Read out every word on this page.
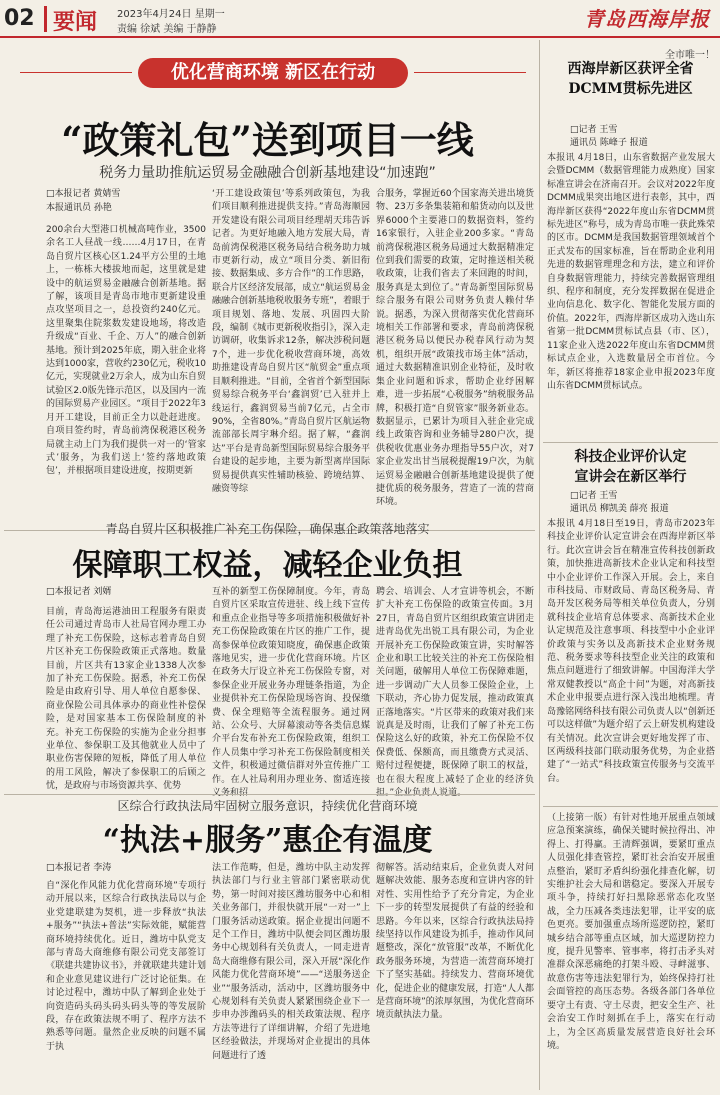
02 要闻 2023年4月24日 星期一
责编 徐斌 美编 于静静	青岛西海岸报
优化营商环境 新区在行动
“政策礼包”送到项目一线
税务力量助推航运贸易金融融合创新基地建设“加速跑”
□本报记者 黄婧雪
本报通讯员 孙艳
200余台大型港口机械高吨作业，3500余名工人昼战一线……4月17日，在青岛自贸片区核心区1.24平方公里的土地上，一栋栋大楼拔地而起，这里就是建设中的航运贸易金融融合创新基地。据了解，该项目是青岛市地市更新建设重点攻坚项目之一，总投资约240亿元。这里聚集住院浆数发建设地场，将改造升级成“百业、千企、万人”的融合创新基地。预计到2025年底，期入驻企业将达到1000家，营收约230亿元，税收10亿元，实现就业2万余人，成为山东自贸试验区2.0版先锋示范区，以及国内一流的国际贸易产业园区。“项目于2022年3月开工建设，目前正全力以赴赶进度。自项目签约时，青岛前湾保税港区税务局就主动上门为我们提供一对一的‘管家式’服务，为我们送上‘签约落地政策包’，并根据项目建设进度，按期更新
‘开工建设政策包’等系列政策包，为我们项目顺利推进提供支持。”青岛海顺园开发建设有限公司项目经理胡天玮告诉记者。为更好地融入地方发展大局，青岛前湾保税港区税务局结合税务助力城市更新行动，成立“项目分类、新旧衔接、数据集成、多方合作”的工作思路，联合片区经济发展部，成立“航运贸易金融融合创新基地税收服务专班”，着眼于项目规划、落地、发展、巩固四大阶段，编制《城市更新税收指引》，深入走访调研，收集诉求12条，解决涉税问题7个，进一步优化税收营商环境，高效助推建设青岛自贸片区“航贸金”重点项目顺利推进。“目前，全省首个新型国际贸易综合税务平台‘鑫润贸’已入驻并上线运行，鑫润贸易当前7亿元，占全市90%，全省80%。”青岛自贸片区航运物流部部长周宇琳介绍。据了解，“鑫润达”平台是青岛新型国际贸易综合服务平台建设的起步地，主要为新型离岸国际贸易提供真实性辅助核验、跨境结算、融资等综
合服务，掌握近60个国家海关进出境货物、23万多条集装箱和船货动向以及世界6000个主要港口的数据资料，签约16家银行，入驻企业200多家。“青岛前湾保税港区税务局通过大数据精准定位到我们需要的政策，定时推送相关税收政策，让我们省去了来回跑的时间，服务真是太到位了。”青岛新型国际贸易综合服务有限公司财务负责人赖付华说。据悉，为深入贯彻落实优化营商环境相关工作部署和要求，青岛前湾保税港区税务局以便民办税春风行动为契机，组织开展“政策找市场主体”活动，通过大数据精准识别企业特征，及时收集企业问题和诉求，帮助企业纾困解难，进一步拓展“心税服务”纳税服务品牌，积极打造“自贸管家”服务新业态。数据显示，已累计为项目入驻企业完成线上政策咨询和业务辅导280户次，提供税收优惠业务办理指导55户次，对7家企业发出甘当展税提醒19户次，为航运贸易金融融合创新基地建设提供了便捷优质的税务服务，营造了一流的营商环境。
青岛自贸片区积极推广补充工伤保险，确保惠企政策落地落实
保障职工权益，减轻企业负担
□本报记者 刘婿
目前，青岛海运港油田工程服务有限责任公司通过青岛市人社局官网办理工办理了补充工伤保险，这标志着青岛自贸片区补充工伤保险政策正式落地。数量目前，片区共有13家企业1338人次参加了补充工伤保险。据悉，补充工伤保险是由政府引导、用人单位自愿参保、商业保险公司具体承办的商业性补偿保险，是对国家基本工伤保险制度的补充。补充工伤保险的实施为企业分担事业单位、参保职工及其他就业人员中了职业伤害保障的短板，降低了用人单位的用工风险，解决了参保职工的后顾之忧，是政府与市场资源共享、优势
互补的新型工伤保障制度。今年，青岛自贸片区采取宣传进驻、线上线下宣传和重点企业指导等多项措施积极做好补充工伤保险政策在片区的推广工作，提高参保单位政策知晓度，确保惠企政策落地见实，进一步优化营商环境。片区在政务大厅设立补充工伤保险专窗，对参保企业开展业务办理链条指道，为企业提供补充工伤保险现场咨询、投保缴费、保全理赔等全流程服务。通过网站、公众号、大屏幕滚动等各类信息媒介平台发布补充工伤保险政策，组织工作人员集中学习补充工伤保险制度相关文件，积极通过微信群对外宣传推广工作。在人社局利用办理业务、窗适连接
聘会、培训会、人才宣讲等机会，不断扩大补充工伤保险的政策宣传面。3月27日，青岛自贸片区组织政策宣讲团走进青岛优先出锐工具有限公司，为企业开展补充工伤保险政策宣讲，实时解答企业和职工比较关注的补充工伤保险相关问题，破解用人单位工伤保障难题，进一步调动广大人员参工保险企业，上下联动，齐心协力促发展，推动政策真正落地落实。“片区带来的政策对我们来说真是及时雨，让我们了解了补充工伤保险这么好的政策，补充工伤保险不仅保费低、保额高，而且缴费方式灵活、赔付过程便捷，既保障了职工的权益，也在很大程度上减轻了企业的经济负
区综合行政执法局牢固树立服务意识，持续优化营商环境
“执法+服务”惠企有温度
□本报记者 李涛
自“深化作风能力优化营商环境”专项行动开展以来，区综合行政执法局以与企业党建联建为契机，进一步释放“执法+服务”“执法+普法”实际效能，赋能营商环境持续优化。近日，潍坊中队党支部与青岛大商维修有限公司党支部签订《联建共建协议书》，并就联建共建计划和企业意见建议进行广泛讨论征集。在讨论过程中，潍坊中队了解到企业处于向资造码头码头码头码头等的等发展阶段，存在政策法规不明了、程序方法不熟悉等问题。量然企业反映的问题不属于执
法工作范畴，但是，潍坊中队主动发挥执法部门与行业主管部门紧密联动优势，第一时间对接区潍坊服务中心和相关业务部门，并很快就开展“一对一”上门服务活动送政策。据企业提出问题不足个工作日，潍坊中队便会同区潍坊服务中心规划科有关负责人，一同走进青岛大商维修有限公司，深入开展“深化作风能力优化营商环境”——“送服务送企业”“服务活动，活动中，区潍坊服务中心规划科有关负责人紧紧围绕企业下一步申办涉潍码头的相关政策法规、程序方法等进行了详细讲解，介绍了先进地区经验做法，并现场对企业提出的具体问题进行了透
彻解答。活动结束后，企业负责人对问题解决效能、服务态度和宣讲内容的针对性、实用性给予了充分肯定，为企业下一步的转型发展提供了有益的经验和思路。今年以来，区综合行政执法局持续坚持以作风建设为抓手，推动作风问题整改，深化“放管服”改革，不断优化政务服务环境，为营造一流营商环境打下了坚实基础。持续发力、营商环境优化，促进企业的健康发展，打造“人人都是营商环境”的浓厚氛围，为优化营商环境贡献执法力量。
全市唯一！
西海岸新区获评全省
DCMM贯标先进区
□记者 王雪
通讯员 陈峰子 报道
本报讯 4月18日，山东省数据产业发展大会暨DCMM（数据管理能力成熟度）国家标准宣讲会在济南召开。会议对2022年度DCMM成果突出地区进行表彰，其中，西海岸新区获得“2022年度山东省DCMM贯标先进区”称号，成为青岛市唯一获此殊荣的区市。DCMM是我国数据管理领域首个正式发布的国家标准，旨在帮助企业利用先进的数据管理理念和方法，建立和评价自身数据管理能力，持续完善数据管理组织、程序和制度，充分发挥数据在促进企业向信息化、数字化、智能化发展方面的价值。2022年，西海岸新区成功入选山东省第一批DCMM贯标试点县（市、区），11家企业入选2022年度山东省DCMM贯标试点企业，入选数量居全市首位。今年，新区将推荐18家企业申报2023年度山东省DCMM贯标试点。
科技企业评价认定
宣讲会在新区举行
□记者 王雪
通讯员 柳凯美 薛亮 报道
本报讯 4月18日至19日，青岛市2023年科技企业评价认定宣讲会在西海岸新区举行。此次宣讲会旨在精准宣传科技创新政策，加快推进高新技术企业认定和科技型中小企业评价工作深入开展。会上，来自市科技局、市财政局、青岛区税务局、青岛开发区税务局等相关单位负责人，分别就科技企业培育总体要求、高新技术企业认定规范及注意事项、科技型中小企业评价政策与实务以及高新技术企业财务规范、税务要求等科技型企业关注的政策和焦点问题进行了细致讲解。中国海洋大学常双健教授以“高企十问”为题，对高新技术企业申报要点进行深入浅出地梳理。青岛豫铭网络科技有限公司负责人以“创新还可以这样做”为题介绍了云上研发机构建设有关情况。此次宣讲会更好地发挥了市、区两级科技部门联动服务优势，为企业搭建了“一站式”科技政策宣传服务与交流平台。
（上接第一版）有针对性地开展重点领域应急预案演练，确保关键时候拉得出、冲得上、打得赢。王清辉强调，要紧盯重点人员强化排查管控，紧盯社会治安开展重点整治，紧盯矛盾纠纷强化排查化解，切实维护社会大局和谐稳定。要深入开展专项斗争，持续打好扫黑除恶常态化攻坚战，全力压减各类违法犯罪，让平安的底色更亮。要加强重点场所巡逻防控，紧盯城乡结合部等重点区域，加大巡逻防控力度，提升见警率、管事率，将打击矛头对准群众深恶痛绝的打架斗殴、寻衅滋事、故意伤害等违法犯罪行为，始终保持打社会面管控的高压态势。各级各部门各单位要守土有责、守土尽责，把安全生产、社会治安工作时刻抓在手上，落实在行动上，为全区高质量发展营造良好社会环境。
